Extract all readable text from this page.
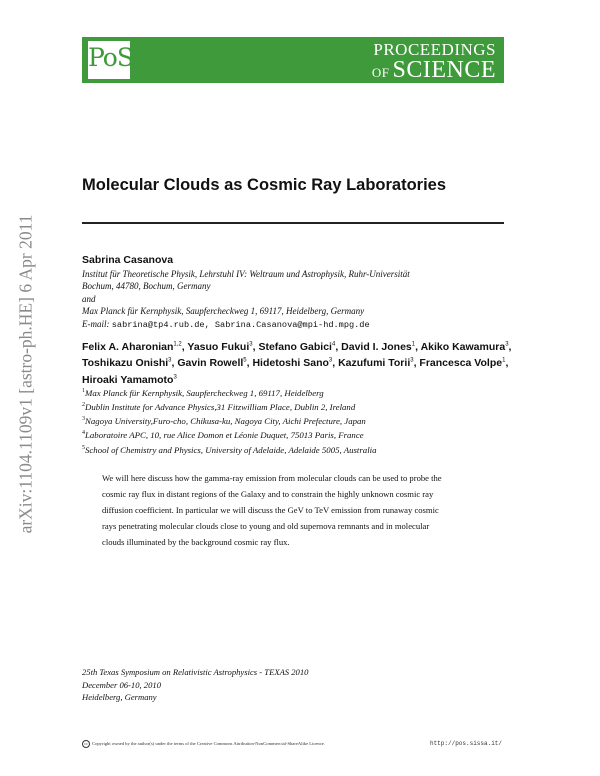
PoS	PROCEEDINGS
OF SCIENCE
arXiv:1104.1109v1 [astro-ph.HE] 6 Apr 2011
Molecular Clouds as Cosmic Ray Laboratories
Sabrina Casanova
Institut für Theoretische Physik, Lehrstuhl IV: Weltraum und Astrophysik, Ruhr-Universität
Bochum, 44780, Bochum, Germany
and
Max Planck für Kernphysik, Saupfercheckweg 1, 69117, Heidelberg, Germany
E-mail: sabrina@tp4.rub.de, Sabrina.Casanova@mpi-hd.mpg.de
Felix A. Aharonian$^{1,2}$, Yasuo Fukui$^3$, Stefano Gabici$^4$, David I. Jones$^1$, Akiko Kawamura$^3$, Toshikazu Onishi$^3$, Gavin Rowell$^5$, Hidetoshi Sano$^3$, Kazufumi Torii$^3$, Francesca Volpe$^1$, Hiroaki Yamamoto$^3$
$^1$Max Planck für Kernphysik, Saupfercheckweg 1, 69117, Heidelberg
$^2$Dublin Institute for Advance Physics,31 Fitzwilliam Place, Dublin 2, Ireland
$^3$Nagoya University,Furo-cho, Chikusa-ku, Nagoya City, Aichi Prefecture, Japan
$^4$Laboratoire APC, 10, rue Alice Domon et Léonie Duquet, 75013 Paris, France
$^5$School of Chemistry and Physics, University of Adelaide, Adelaide 5005, Australia
We will here discuss how the gamma-ray emission from molecular clouds can be used to probe the
cosmic ray flux in distant regions of the Galaxy and to constrain the highly unknown cosmic ray
diffusion coefficient. In particular we will discuss the GeV to TeV emission from runaway cosmic
rays penetrating molecular clouds close to young and old supernova remnants and in molecular
clouds illuminated by the background cosmic ray flux.
25th Texas Symposium on Relativistic Astrophysics - TEXAS 2010
December 06-10, 2010
Heidelberg, Germany
cc Copyright owned by the author(s) under the terms of the Creative Commons Attribution-NonCommercial-ShareAlike Licence.	http://pos.sissa.it/
